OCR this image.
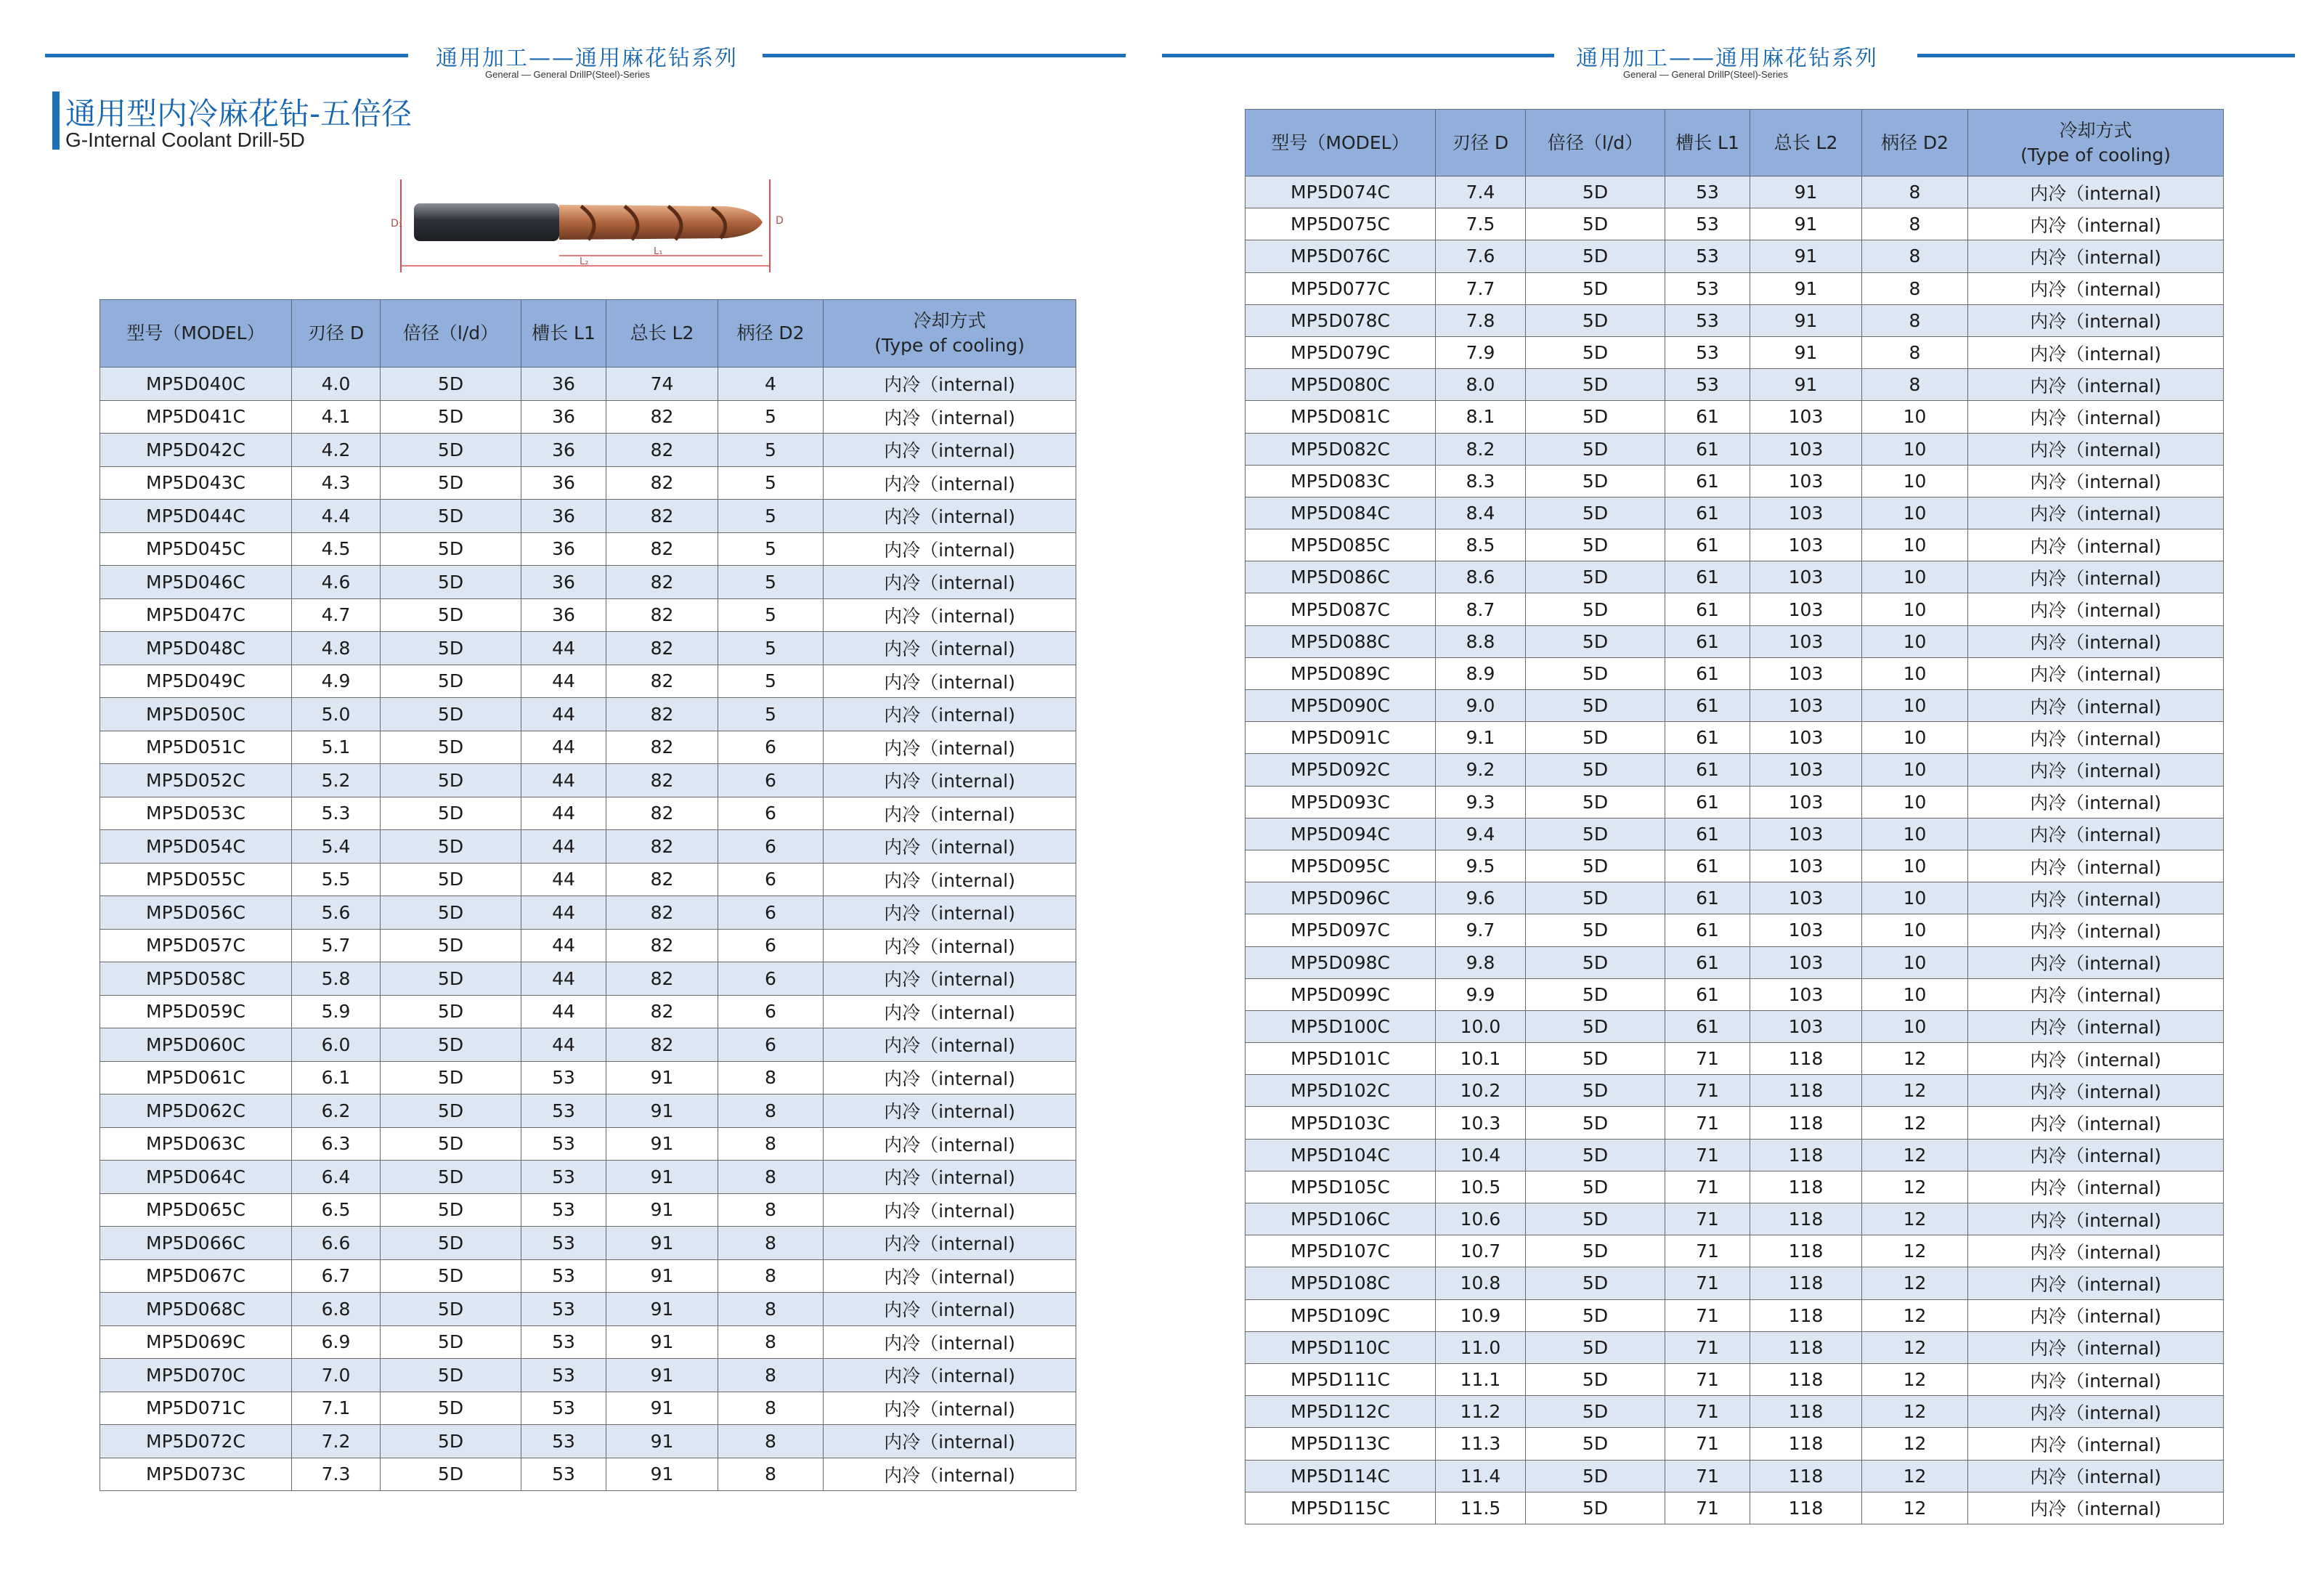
通用加工——通用麻花钻系列
General — General DrillP(Steel)-Series
通用型内冷麻花钻-五倍径
G-Internal Coolant Drill-5D
D₁	D
L₁
L₂
型号（MODEL）	刃径 D	倍径（l/d）	槽长 L1	总长 L2	柄径 D2	冷却方式
(Type of cooling)

MP5D040C	4.0	5D	36	74	4	内冷（internal)
MP5D041C	4.1	5D	36	82	5	内冷（internal)
MP5D042C	4.2	5D	36	82	5	内冷（internal)
MP5D043C	4.3	5D	36	82	5	内冷（internal)
MP5D044C	4.4	5D	36	82	5	内冷（internal)
MP5D045C	4.5	5D	36	82	5	内冷（internal)
MP5D046C	4.6	5D	36	82	5	内冷（internal)
MP5D047C	4.7	5D	36	82	5	内冷（internal)
MP5D048C	4.8	5D	44	82	5	内冷（internal)
MP5D049C	4.9	5D	44	82	5	内冷（internal)
MP5D050C	5.0	5D	44	82	5	内冷（internal)
MP5D051C	5.1	5D	44	82	6	内冷（internal)
MP5D052C	5.2	5D	44	82	6	内冷（internal)
MP5D053C	5.3	5D	44	82	6	内冷（internal)
MP5D054C	5.4	5D	44	82	6	内冷（internal)
MP5D055C	5.5	5D	44	82	6	内冷（internal)
MP5D056C	5.6	5D	44	82	6	内冷（internal)
MP5D057C	5.7	5D	44	82	6	内冷（internal)
MP5D058C	5.8	5D	44	82	6	内冷（internal)
MP5D059C	5.9	5D	44	82	6	内冷（internal)
MP5D060C	6.0	5D	44	82	6	内冷（internal)
MP5D061C	6.1	5D	53	91	8	内冷（internal)
MP5D062C	6.2	5D	53	91	8	内冷（internal)
MP5D063C	6.3	5D	53	91	8	内冷（internal)
MP5D064C	6.4	5D	53	91	8	内冷（internal)
MP5D065C	6.5	5D	53	91	8	内冷（internal)
MP5D066C	6.6	5D	53	91	8	内冷（internal)
MP5D067C	6.7	5D	53	91	8	内冷（internal)
MP5D068C	6.8	5D	53	91	8	内冷（internal)
MP5D069C	6.9	5D	53	91	8	内冷（internal)
MP5D070C	7.0	5D	53	91	8	内冷（internal)
MP5D071C	7.1	5D	53	91	8	内冷（internal)
MP5D072C	7.2	5D	53	91	8	内冷（internal)
MP5D073C	7.3	5D	53	91	8	内冷（internal)
通用加工——通用麻花钻系列
General — General DrillP(Steel)-Series
型号（MODEL）	刃径 D	倍径（l/d）	槽长 L1	总长 L2	柄径 D2	冷却方式
(Type of cooling)

MP5D074C	7.4	5D	53	91	8	内冷（internal)
MP5D075C	7.5	5D	53	91	8	内冷（internal)
MP5D076C	7.6	5D	53	91	8	内冷（internal)
MP5D077C	7.7	5D	53	91	8	内冷（internal)
MP5D078C	7.8	5D	53	91	8	内冷（internal)
MP5D079C	7.9	5D	53	91	8	内冷（internal)
MP5D080C	8.0	5D	53	91	8	内冷（internal)
MP5D081C	8.1	5D	61	103	10	内冷（internal)
MP5D082C	8.2	5D	61	103	10	内冷（internal)
MP5D083C	8.3	5D	61	103	10	内冷（internal)
MP5D084C	8.4	5D	61	103	10	内冷（internal)
MP5D085C	8.5	5D	61	103	10	内冷（internal)
MP5D086C	8.6	5D	61	103	10	内冷（internal)
MP5D087C	8.7	5D	61	103	10	内冷（internal)
MP5D088C	8.8	5D	61	103	10	内冷（internal)
MP5D089C	8.9	5D	61	103	10	内冷（internal)
MP5D090C	9.0	5D	61	103	10	内冷（internal)
MP5D091C	9.1	5D	61	103	10	内冷（internal)
MP5D092C	9.2	5D	61	103	10	内冷（internal)
MP5D093C	9.3	5D	61	103	10	内冷（internal)
MP5D094C	9.4	5D	61	103	10	内冷（internal)
MP5D095C	9.5	5D	61	103	10	内冷（internal)
MP5D096C	9.6	5D	61	103	10	内冷（internal)
MP5D097C	9.7	5D	61	103	10	内冷（internal)
MP5D098C	9.8	5D	61	103	10	内冷（internal)
MP5D099C	9.9	5D	61	103	10	内冷（internal)
MP5D100C	10.0	5D	61	103	10	内冷（internal)
MP5D101C	10.1	5D	71	118	12	内冷（internal)
MP5D102C	10.2	5D	71	118	12	内冷（internal)
MP5D103C	10.3	5D	71	118	12	内冷（internal)
MP5D104C	10.4	5D	71	118	12	内冷（internal)
MP5D105C	10.5	5D	71	118	12	内冷（internal)
MP5D106C	10.6	5D	71	118	12	内冷（internal)
MP5D107C	10.7	5D	71	118	12	内冷（internal)
MP5D108C	10.8	5D	71	118	12	内冷（internal)
MP5D109C	10.9	5D	71	118	12	内冷（internal)
MP5D110C	11.0	5D	71	118	12	内冷（internal)
MP5D111C	11.1	5D	71	118	12	内冷（internal)
MP5D112C	11.2	5D	71	118	12	内冷（internal)
MP5D113C	11.3	5D	71	118	12	内冷（internal)
MP5D114C	11.4	5D	71	118	12	内冷（internal)
MP5D115C	11.5	5D	71	118	12	内冷（internal)
